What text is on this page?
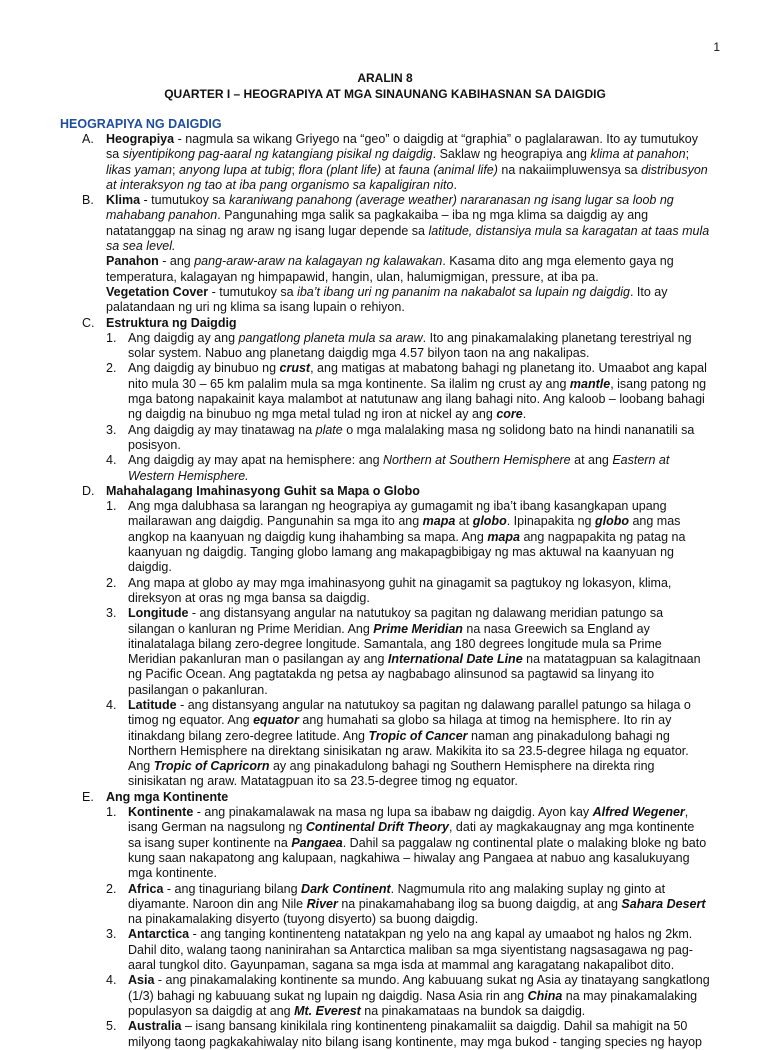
1
ARALIN 8
QUARTER I – HEOGRAPIYA AT MGA SINAUNANG KABIHASNAN SA DAIGDIG
HEOGRAPIYA NG DAIGDIG
A. Heograpiya - nagmula sa wikang Griyego na “geo” o daigdig at “graphia” o paglalarawan. Ito ay tumutukoy sa siyentipikong pag-aaral ng katangiang pisikal ng daigdig. Saklaw ng heograpiya ang klima at panahon; likas yaman; anyong lupa at tubig; flora (plant life) at fauna (animal life) na nakaiimpluwensya sa distribusyon at interaksyon ng tao at iba pang organismo sa kapaligiran nito.
B. Klima - tumutukoy sa karaniwang panahong (average weather) nararanasan ng isang lugar sa loob ng mahabang panahon. Pangunahing mga salik sa pagkakaiba – iba ng mga klima sa daigdig ay ang natatanggap na sinag ng araw ng isang lugar depende sa latitude, distansiya mula sa karagatan at taas mula sa sea level.
Panahon - ang pang-araw-araw na kalagayan ng kalawakan. Kasama dito ang mga elemento gaya ng temperatura, kalagayan ng himpapawid, hangin, ulan, halumigmigan, pressure, at iba pa.
Vegetation Cover - tumutukoy sa iba’t ibang uri ng pananim na nakabalot sa lupain ng daigdig. Ito ay palatandaan ng uri ng klima sa isang lupain o rehiyon.
C. Estruktura ng Daigdig
1. Ang daigdig ay ang pangatlong planeta mula sa araw. Ito ang pinakamalaking planetang terestriyal ng solar system. Nabuo ang planetang daigdig mga 4.57 bilyon taon na ang nakalipas.
2. Ang daigdig ay binubuo ng crust, ang matigas at mabatong bahagi ng planetang ito. Umaabot ang kapal nito mula 30 – 65 km palalim mula sa mga kontinente. Sa ilalim ng crust ay ang mantle, isang patong ng mga batong napakainit kaya malambot at natutunaw ang ilang bahagi nito. Ang kaloob – loobang bahagi ng daigdig na binubuo ng mga metal tulad ng iron at nickel ay ang core.
3. Ang daigdig ay may tinatawag na plate o mga malalaking masa ng solidong bato na hindi nananatili sa posisyon.
4. Ang daigdig ay may apat na hemisphere: ang Northern at Southern Hemisphere at ang Eastern at Western Hemisphere.
D. Mahahalagang Imahinasyong Guhit sa Mapa o Globo
1. Ang mga dalubhasa sa larangan ng heograpiya ay gumagamit ng iba’t ibang kasangkapan upang mailarawan ang daigdig. Pangunahin sa mga ito ang mapa at globo. Ipinapakita ng globo ang mas angkop na kaanyuan ng daigdig kung ihahambing sa mapa. Ang mapa ang nagpapakita ng patag na kaanyuan ng daigdig. Tanging globo lamang ang makapagbibigay ng mas aktuwal na kaanyuan ng daigdig.
2. Ang mapa at globo ay may mga imahinasyong guhit na ginagamit sa pagtukoy ng lokasyon, klima, direksyon at oras ng mga bansa sa daigdig.
3. Longitude - ang distansyang angular na natutukoy sa pagitan ng dalawang meridian patungo sa silangan o kanluran ng Prime Meridian. Ang Prime Meridian na nasa Greewich sa England ay itinalatalaga bilang zero-degree longitude. Samantala, ang 180 degrees longitude mula sa Prime Meridian pakanluran man o pasilangan ay ang International Date Line na matatagpuan sa kalagitnaan ng Pacific Ocean. Ang pagtatakda ng petsa ay nagbabago alinsunod sa pagtawid sa linyang ito pasilangan o pakanluran.
4. Latitude - ang distansyang angular na natutukoy sa pagitan ng dalawang parallel patungo sa hilaga o timog ng equator. Ang equator ang humahati sa globo sa hilaga at timog na hemisphere. Ito rin ay itinakdang bilang zero-degree latitude. Ang Tropic of Cancer naman ang pinakadulong bahagi ng Northern Hemisphere na direktang sinisikatan ng araw. Makikita ito sa 23.5-degree hilaga ng equator. Ang Tropic of Capricorn ay ang pinakadulong bahagi ng Southern Hemisphere na direkta ring sinisikatan ng araw. Matatagpuan ito sa 23.5-degree timog ng equator.
E. Ang mga Kontinente
1. Kontinente - ang pinakamalawak na masa ng lupa sa ibabaw ng daigdig. Ayon kay Alfred Wegener, isang German na nagsulong ng Continental Drift Theory, dati ay magkakaugnay ang mga kontinente sa isang super kontinente na Pangaea. Dahil sa paggalaw ng continental plate o malaking bloke ng bato kung saan nakapatong ang kalupaan, nagkahiwa – hiwalay ang Pangaea at nabuo ang kasalukuyang mga kontinente.
2. Africa - ang tinaguriang bilang Dark Continent. Nagmumula rito ang malaking suplay ng ginto at diyamante. Naroon din ang Nile River na pinakamahabang ilog sa buong daigdig, at ang Sahara Desert na pinakamalaking disyerto (tuyong disyerto) sa buong daigdig.
3. Antarctica - ang tanging kontinenteng natatakpan ng yelo na ang kapal ay umaabot ng halos ng 2km. Dahil dito, walang taong naninirahan sa Antarctica maliban sa mga siyentistang nagsasagawa ng pag-aaral tungkol dito. Gayunpaman, sagana sa mga isda at mammal ang karagatang nakapalibot dito.
4. Asia - ang pinakamalaking kontinente sa mundo. Ang kabuuang sukat ng Asia ay tinatayang sangkatlong (1/3) bahagi ng kabuuang sukat ng lupain ng daigdig. Nasa Asia rin ang China na may pinakamalaking populasyon sa daigdig at ang Mt. Everest na pinakamataas na bundok sa daigdig.
5. Australia – isang bansang kinikilala ring kontinenteng pinakamaliit sa daigdig. Dahil sa mahigit na 50 milyong taong pagkakahiwalay nito bilang isang kontinente, may mga bukod - tanging species ng hayop
